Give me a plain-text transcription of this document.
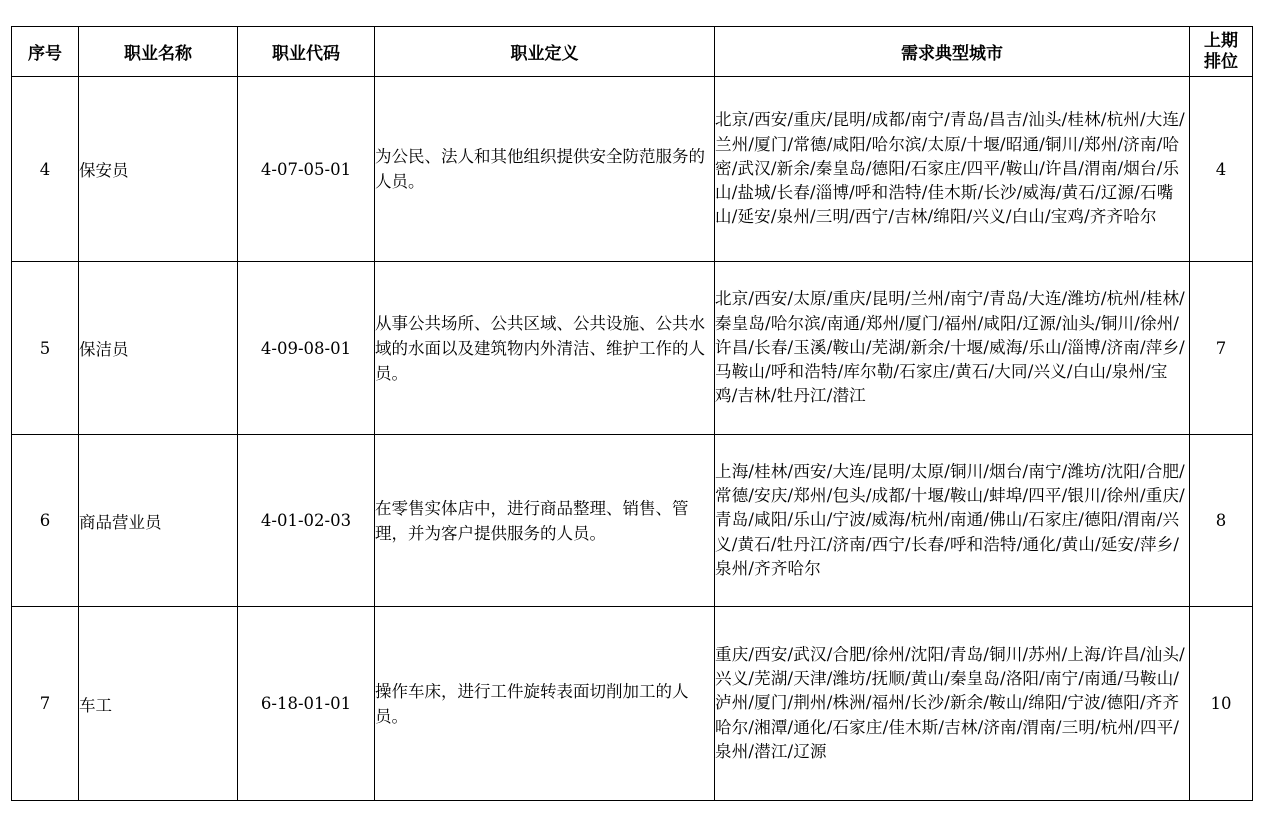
序号	职业名称	职业代码	职业定义	需求典型城市	上期
排位
4	保安员	4-07-05-01	为公民、法人和其他组织提供安全防范服务的人员。	北京/西安/重庆/昆明/成都/南宁/青岛/昌吉/汕头/桂林/杭州/大连/兰州/厦门/常德/咸阳/哈尔滨/太原/十堰/昭通/铜川/郑州/济南/哈密/武汉/新余/秦皇岛/德阳/石家庄/四平/鞍山/许昌/渭南/烟台/乐山/盐城/长春/淄博/呼和浩特/佳木斯/长沙/威海/黄石/辽源/石嘴山/延安/泉州/三明/西宁/吉林/绵阳/兴义/白山/宝鸡/齐齐哈尔	4
5	保洁员	4-09-08-01	从事公共场所、公共区域、公共设施、公共水域的水面以及建筑物内外清洁、维护工作的人员。	北京/西安/太原/重庆/昆明/兰州/南宁/青岛/大连/潍坊/杭州/桂林/秦皇岛/哈尔滨/南通/郑州/厦门/福州/咸阳/辽源/汕头/铜川/徐州/许昌/长春/玉溪/鞍山/芜湖/新余/十堰/威海/乐山/淄博/济南/萍乡/马鞍山/呼和浩特/库尔勒/石家庄/黄石/大同/兴义/白山/泉州/宝鸡/吉林/牡丹江/潜江	7
6	商品营业员	4-01-02-03	在零售实体店中，进行商品整理、销售、管理，并为客户提供服务的人员。	上海/桂林/西安/大连/昆明/太原/铜川/烟台/南宁/潍坊/沈阳/合肥/常德/安庆/郑州/包头/成都/十堰/鞍山/蚌埠/四平/银川/徐州/重庆/青岛/咸阳/乐山/宁波/威海/杭州/南通/佛山/石家庄/德阳/渭南/兴义/黄石/牡丹江/济南/西宁/长春/呼和浩特/通化/黄山/延安/萍乡/泉州/齐齐哈尔	8
7	车工	6-18-01-01	操作车床，进行工件旋转表面切削加工的人员。	重庆/西安/武汉/合肥/徐州/沈阳/青岛/铜川/苏州/上海/许昌/汕头/兴义/芜湖/天津/潍坊/抚顺/黄山/秦皇岛/洛阳/南宁/南通/马鞍山/泸州/厦门/荆州/株洲/福州/长沙/新余/鞍山/绵阳/宁波/德阳/齐齐哈尔/湘潭/通化/石家庄/佳木斯/吉林/济南/渭南/三明/杭州/四平/泉州/潜江/辽源	10
